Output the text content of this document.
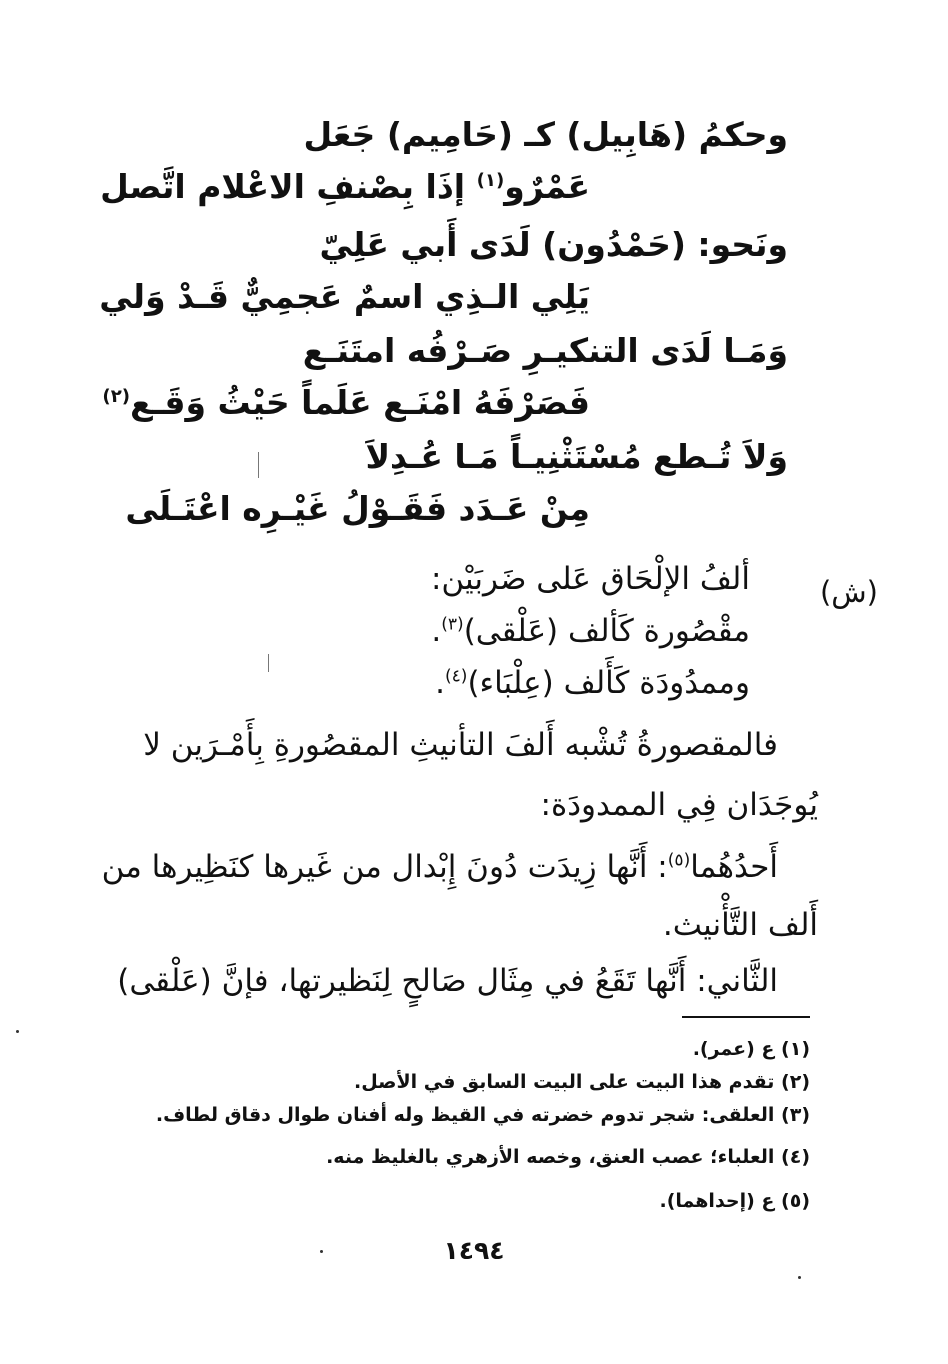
وحكمُ (هَابِيل) كـ (حَامِيم) جَعَل
عَمْرٌو$^{(١)}$ إذَا بِصْنفِ الاعْلام اتَّصل
ونَحو: (حَمْدُون) لَدَى أَبي عَلِيّ
يَلِي الـذِي اسمٌ عَجمِيٌّ قَـدْ وَلي
وَمَـا لَدَى التنكيـرِ صَـرْفُه امتَنَـع
فَصَرْفَهُ امْنَـع عَلَماً حَيْثُ وَقَـع$^{(٢)}$
وَلاَ تُـطع مُسْتَثْنِيـاً مَـا عُـدِلاَ
مِنْ عَـدَد فَقَـوْلُ غَيْـرِه اعْتَـلَى
(ش)
ألفُ الإلْحَاق عَلى ضَربَيْن:
مقْصُورة كَألف (عَلْقى)$^{(٣)}$.
وممدُودَة كَأَلف (عِلْبَاء)$^{(٤)}$.
فالمقصورةُ تُشْبه أَلفَ التأنيثِ المقصُورةِ بِأَمْـرَين لا
يُوجَدَان فِي الممدودَة:
أَحدُهُما$^{(٥)}$: أَنَّها زِيدَت دُونَ إِبْدال من غَيرها كنَظِيرها من
أَلف التَّأْنيث.
الثَّاني: أَنَّها تَقَعُ في مِثَال صَالحٍ لِنَظيرتها، فإنَّ (عَلْقى)
(١) ع (عمر).
(٢) تقدم هذا البيت على البيت السابق في الأصل.
(٣) العلقى: شجر تدوم خضرته في القيظ وله أفنان طوال دقاق لطاف.
(٤) العلباء؛ عصب العنق، وخصه الأزهري بالغليظ منه.
(٥) ع (إحداهما).
١٤٩٤
